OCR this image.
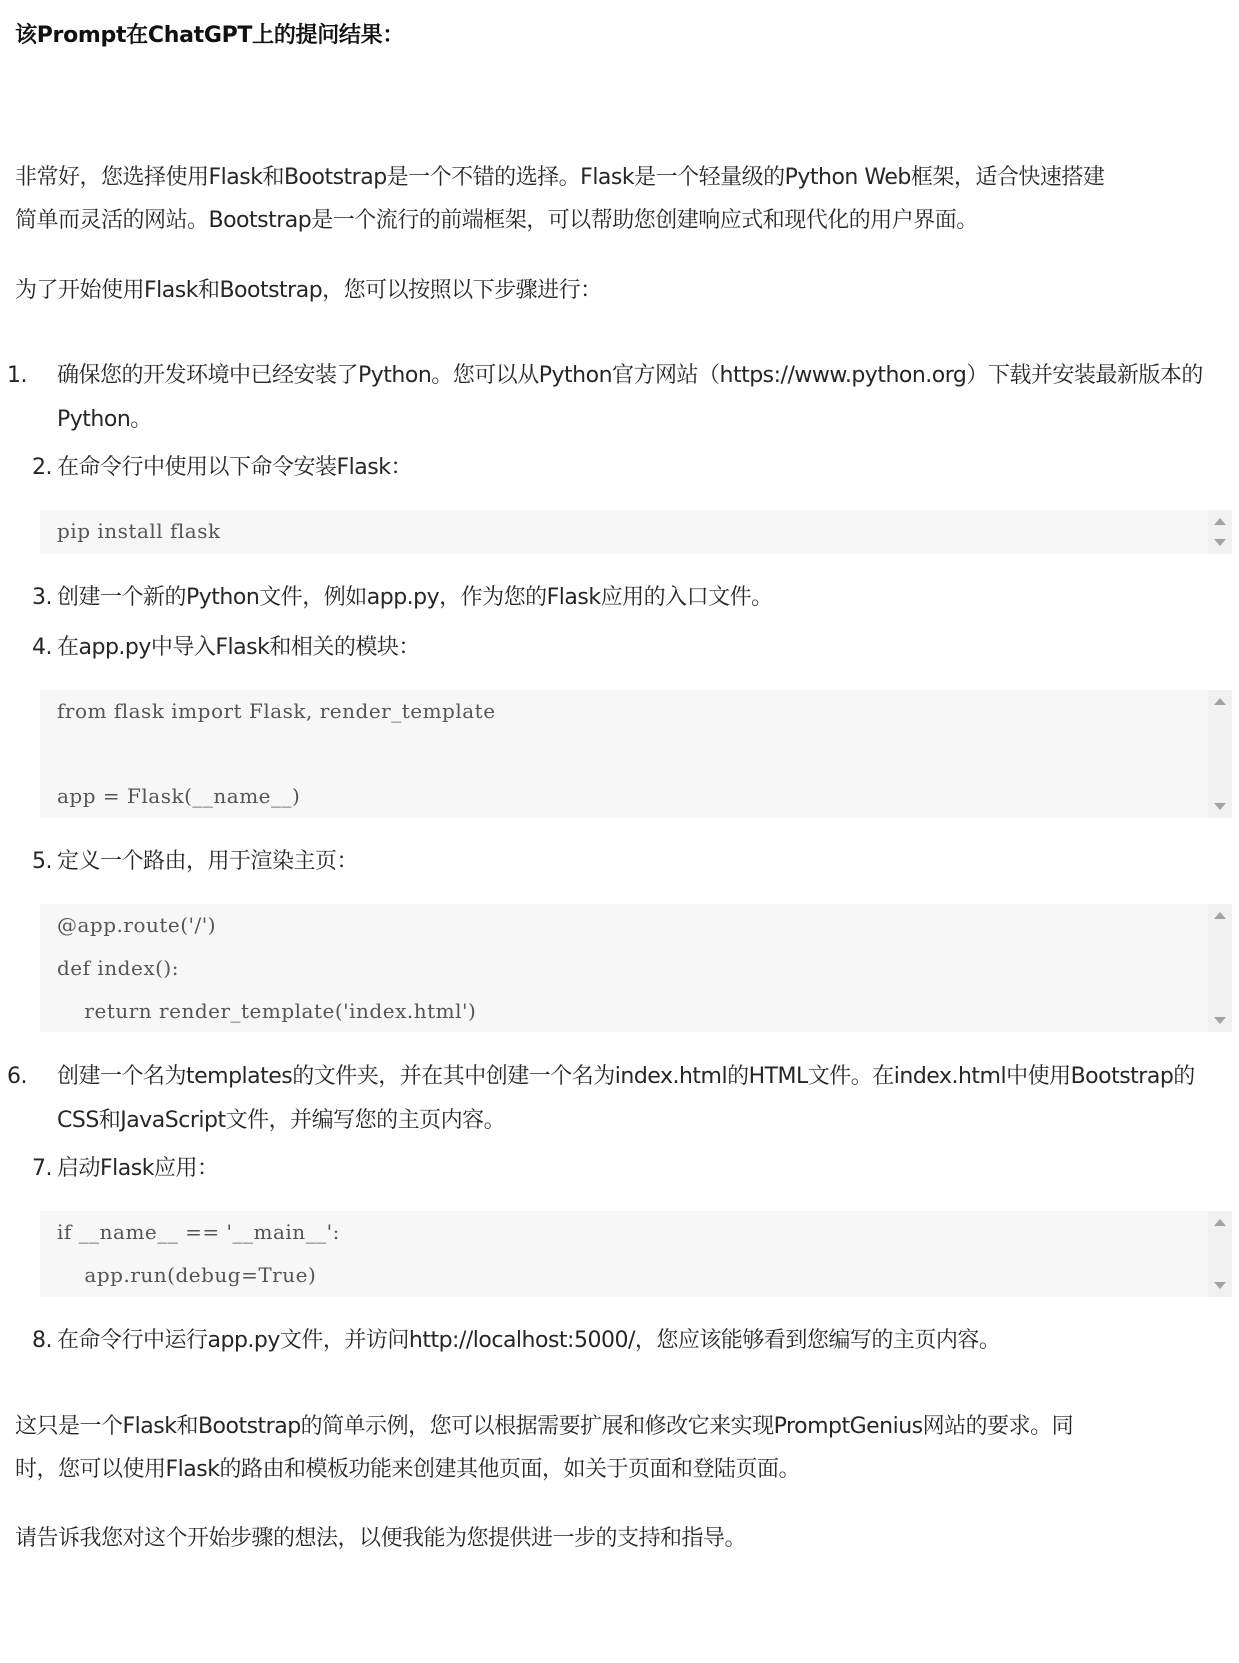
该Prompt在ChatGPT上的提问结果：
非常好，您选择使用Flask和Bootstrap是一个不错的选择。Flask是一个轻量级的Python Web框架，适合快速搭建
简单而灵活的网站。Bootstrap是一个流行的前端框架，可以帮助您创建响应式和现代化的用户界面。
为了开始使用Flask和Bootstrap，您可以按照以下步骤进行：
1. 确保您的开发环境中已经安装了Python。您可以从Python官方网站（https://www.python.org）下载并安装最新版本的Python。
2. 在命令行中使用以下命令安装Flask：

pip install flask

3. 创建一个新的Python文件，例如app.py，作为您的Flask应用的入口文件。
4. 在app.py中导入Flask和相关的模块：

from flask import Flask, render_template

app = Flask(__name__)

5. 定义一个路由，用于渲染主页：

@app.route('/')

def index():

return render_template('index.html')

6. 创建一个名为templates的文件夹，并在其中创建一个名为index.html的HTML文件。在index.html中使用Bootstrap的CSS和JavaScript文件，并编写您的主页内容。
7. 启动Flask应用：

if __name__ == '__main__':

app.run(debug=True)

8. 在命令行中运行app.py文件，并访问http://localhost:5000/，您应该能够看到您编写的主页内容。
这只是一个Flask和Bootstrap的简单示例，您可以根据需要扩展和修改它来实现PromptGenius网站的要求。同
时，您可以使用Flask的路由和模板功能来创建其他页面，如关于页面和登陆页面。
请告诉我您对这个开始步骤的想法，以便我能为您提供进一步的支持和指导。
